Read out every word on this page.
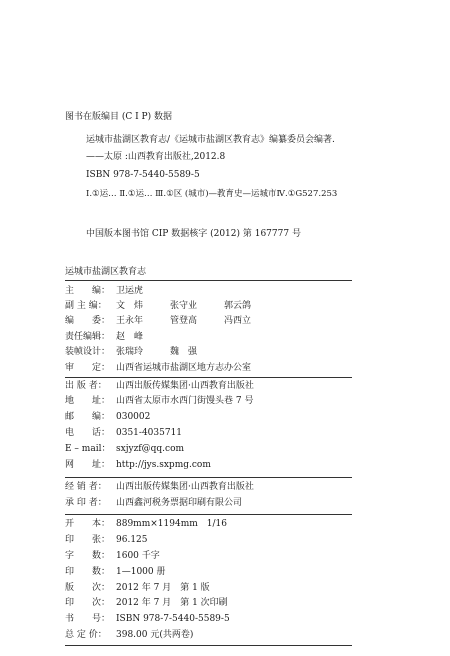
图书在版编目 (C I P) 数据
运城市盐湖区教育志/《运城市盐湖区教育志》编纂委员会编著.
——太原 :山西教育出版社,2012.8
ISBN 978-7-5440-5589-5
Ⅰ.①运… Ⅱ.①运… Ⅲ.①区 (城市)—教育史—运城市Ⅳ.①G527.253
中国版本图书馆 CIP 数据核字 (2012) 第 167777 号
运城市盐湖区教育志
主　　编： 卫运虎
副 主 编： 文　炜　　　张守业　　　郭云鸽
编　　委： 王永年　　　管登高　　　冯西立
责任编辑： 赵　峰
装帧设计： 张瑞玲　　　魏　强
审　　定： 山西省运城市盐湖区地方志办公室
出 版 者： 山西出版传媒集团·山西教育出版社
地　　址： 山西省太原市水西门街馒头巷 7 号
邮　　编： 030002
电　　话： 0351-4035711
E – mail： sxjyzf@qq.com
网　　址： http://jys.sxpmg.com
经 销 者： 山西出版传媒集团·山西教育出版社
承 印 者： 山西鑫河税务票据印刷有限公司
开　　本： 889mm×1194mm　1/16
印　　张： 96.125
字　　数： 1600 千字
印　　数： 1—1000 册
版　　次： 2012 年 7 月　第 1 版
印　　次： 2012 年 7 月　第 1 次印刷
书　　号： ISBN 978-7-5440-5589-5
总 定 价： 398.00 元(共两卷)
